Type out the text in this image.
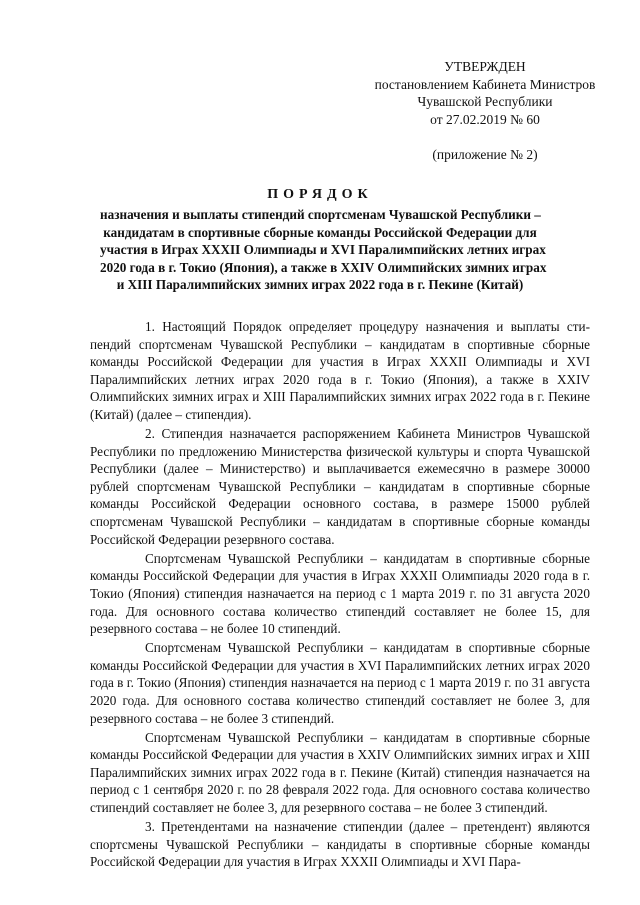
УТВЕРЖДЕН
постановлением Кабинета Министров
Чувашской Республики
от 27.02.2019 № 60
(приложение № 2)
ПОРЯДОК
назначения и выплаты стипендий спортсменам Чувашской Республики –
кандидатам в спортивные сборные команды Российской Федерации для
участия в Играх XXXII Олимпиады и XVI Паралимпийских летних играх
2020 года в г. Токио (Япония), а также в XXIV Олимпийских зимних играх
и XIII Паралимпийских зимних играх 2022 года в г. Пекине (Китай)

1. Настоящий Порядок определяет процедуру назначения и выплаты стипендий спортсменам Чувашской Республики – кандидатам в спортивные сборные команды Российской Федерации для участия в Играх XXXII Олимпиады и XVI Паралимпийских летних играх 2020 года в г. Токио (Япония), а также в XXIV Олимпийских зимних играх и XIII Паралимпийских зимних играх 2022 года в г. Пекине (Китай) (далее – стипендия).

2. Стипендия назначается распоряжением Кабинета Министров Чувашской Республики по предложению Министерства физической культуры и спорта Чувашской Республики (далее – Министерство) и выплачивается ежемесячно в размере 30000 рублей спортсменам Чувашской Республики – кандидатам в спортивные сборные команды Российской Федерации основного состава, в размере 15000 рублей спортсменам Чувашской Республики – кандидатам в спортивные сборные команды Российской Федерации резервного состава.

Спортсменам Чувашской Республики – кандидатам в спортивные сборные команды Российской Федерации для участия в Играх XXXII Олимпиады 2020 года в г. Токио (Япония) стипендия назначается на период с 1 марта 2019 г. по 31 августа 2020 года. Для основного состава количество стипендий составляет не более 15, для резервного состава – не более 10 стипендий.

Спортсменам Чувашской Республики – кандидатам в спортивные сборные команды Российской Федерации для участия в XVI Паралимпийских летних играх 2020 года в г. Токио (Япония) стипендия назначается на период с 1 марта 2019 г. по 31 августа 2020 года. Для основного состава количество стипендий составляет не более 3, для резервного состава – не более 3 стипендий.

Спортсменам Чувашской Республики – кандидатам в спортивные сборные команды Российской Федерации для участия в XXIV Олимпийских зимних играх и XIII Паралимпийских зимних играх 2022 года в г. Пекине (Китай) стипендия назначается на период с 1 сентября 2020 г. по 28 февраля 2022 года. Для основного состава количество стипендий составляет не более 3, для резервного состава – не более 3 стипендий.

3. Претендентами на назначение стипендии (далее – претендент) являются спортсмены Чувашской Республики – кандидаты в спортивные сборные команды Российской Федерации для участия в Играх XXXII Олимпиады и XVI Пара-
